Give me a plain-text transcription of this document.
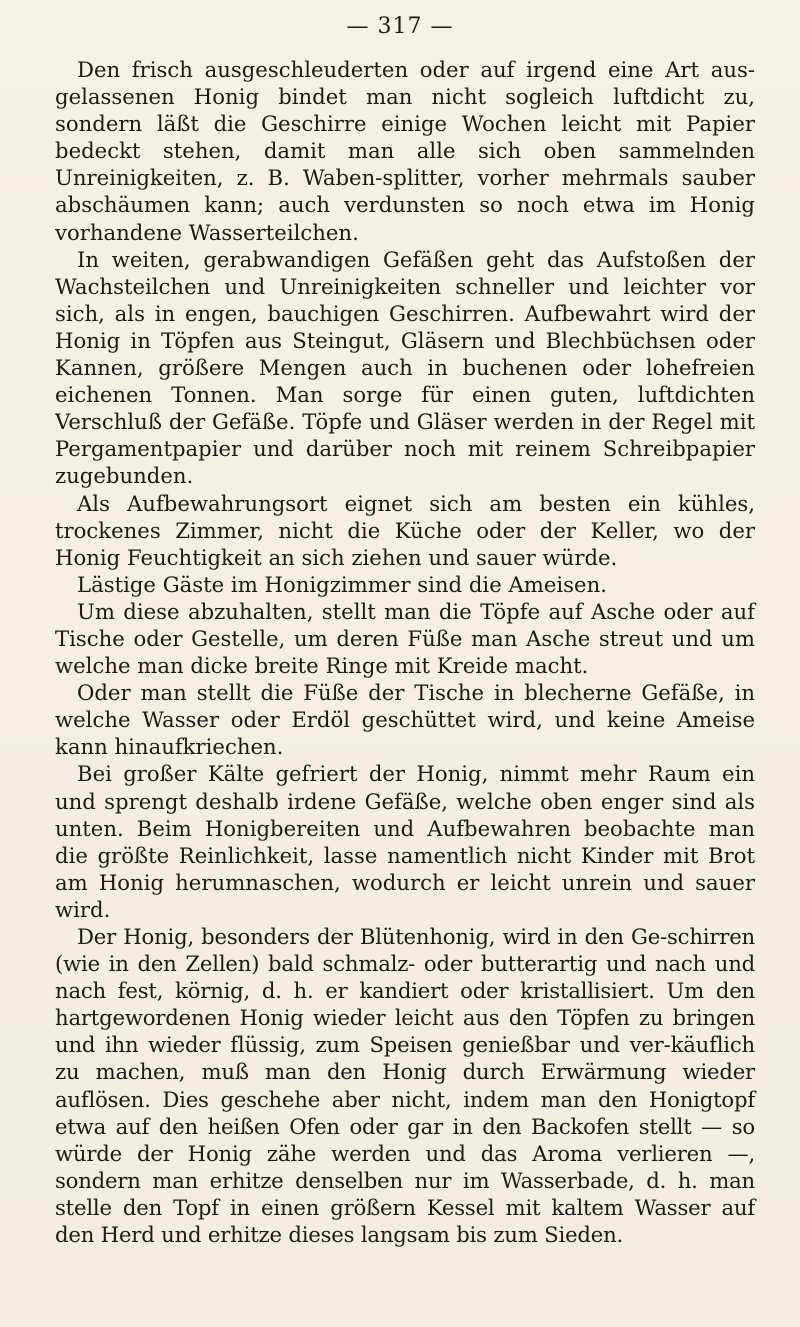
— 317 —

Den frisch ausgeschleuderten oder auf irgend eine Art aus-gelassenen Honig bindet man nicht sogleich luftdicht zu, sondern läßt die Geschirre einige Wochen leicht mit Papier bedeckt stehen, damit man alle sich oben sammelnden Unreinigkeiten, z. B. Waben-splitter, vorher mehrmals sauber abschäumen kann; auch verdunsten so noch etwa im Honig vorhandene Wasserteilchen.

In weiten, gerabwandigen Gefäßen geht das Aufstoßen der Wachsteilchen und Unreinigkeiten schneller und leichter vor sich, als in engen, bauchigen Geschirren. Aufbewahrt wird der Honig in Töpfen aus Steingut, Gläsern und Blechbüchsen oder Kannen, größere Mengen auch in buchenen oder lohefreien eichenen Tonnen. Man sorge für einen guten, luftdichten Verschluß der Gefäße. Töpfe und Gläser werden in der Regel mit Pergamentpapier und darüber noch mit reinem Schreibpapier zugebunden.

Als Aufbewahrungsort eignet sich am besten ein kühles, trockenes Zimmer, nicht die Küche oder der Keller, wo der Honig Feuchtigkeit an sich ziehen und sauer würde.

Lästige Gäste im Honigzimmer sind die Ameisen.

Um diese abzuhalten, stellt man die Töpfe auf Asche oder auf Tische oder Gestelle, um deren Füße man Asche streut und um welche man dicke breite Ringe mit Kreide macht.

Oder man stellt die Füße der Tische in blecherne Gefäße, in welche Wasser oder Erdöl geschüttet wird, und keine Ameise kann hinaufkriechen.

Bei großer Kälte gefriert der Honig, nimmt mehr Raum ein und sprengt deshalb irdene Gefäße, welche oben enger sind als unten. Beim Honigbereiten und Aufbewahren beobachte man die größte Reinlichkeit, lasse namentlich nicht Kinder mit Brot am Honig herumnaschen, wodurch er leicht unrein und sauer wird.

Der Honig, besonders der Blütenhonig, wird in den Ge-schirren (wie in den Zellen) bald schmalz- oder butterartig und nach und nach fest, körnig, d. h. er kandiert oder kristallisiert. Um den hartgewordenen Honig wieder leicht aus den Töpfen zu bringen und ihn wieder flüssig, zum Speisen genießbar und ver-käuflich zu machen, muß man den Honig durch Erwärmung wieder auflösen. Dies geschehe aber nicht, indem man den Honigtopf etwa auf den heißen Ofen oder gar in den Backofen stellt — so würde der Honig zähe werden und das Aroma verlieren —, sondern man erhitze denselben nur im Wasserbade, d. h. man stelle den Topf in einen größern Kessel mit kaltem Wasser auf den Herd und erhitze dieses langsam bis zum Sieden.
